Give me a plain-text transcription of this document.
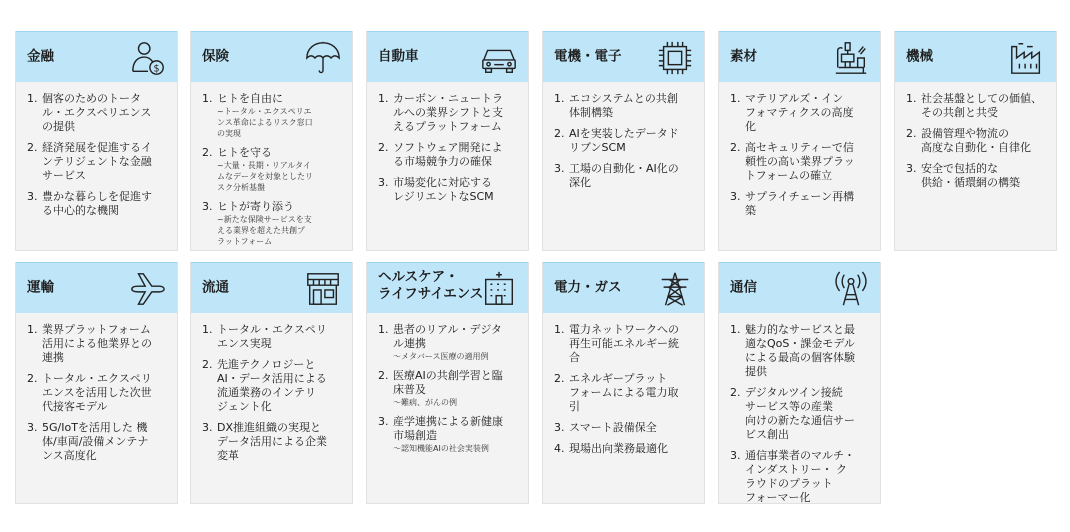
金融
$
1. 個客のためのトータ
ル・エクスペリエンス
の提供
2. 経済発展を促進するイ
ンテリジェントな金融
サービス
3. 豊かな暮らしを促進す
る中心的な機関
保険
1. ヒトを自由に
~トータル・エクスペリエ
ンス革命によるリスク窓口
の実現
2. ヒトを守る
~大量・長期・リアルタイ
ムなデータを対象としたリ
スク分析基盤
3. ヒトが寄り添う
~新たな保険サービスを支
える業界を超えた共創プ
ラットフォーム
自動車
1. カーボン・ニュートラ
ルへの業界シフトと支
えるプラットフォーム
2. ソフトウェア開発によ
る市場競争力の確保
3. 市場変化に対応する
レジリエントなSCM
電機・電子
1. エコシステムとの共創
体制構築
2. AIを実装したデータド
リブンSCM
3. 工場の自動化・AI化の
深化
素材
1. マテリアルズ・イン
フォマティクスの高度
化
2. 高セキュリティーで信
頼性の高い業界プラッ
トフォームの確立
3. サプライチェーン再構
築
機械
1. 社会基盤としての価値、
その共創と共受
2. 設備管理や物流の
高度な自動化・自律化
3. 安全で包括的な
供給・循環網の構築
運輸
1. 業界プラットフォーム
活用による他業界との
連携
2. トータル・エクスペリ
エンスを活用した次世
代接客モデル
3. 5G/IoTを活用した 機
体/車両/設備メンテナ
ンス高度化
流通
1. トータル・エクスペリ
エンス実現
2. 先進テクノロジーと
AI・データ活用による
流通業務のインテリ
ジェント化
3. DX推進組織の実現と
データ活用による企業
変革
ヘルスケア・
ライフサイエンス
1. 患者のリアル・デジタ
ル連携
～メタバース医療の適用例
2. 医療AIの共創学習と臨
床普及
～難病、がんの例
3. 産学連携による新健康
市場創造
～認知機能AIの社会実装例
電力・ガス
1. 電力ネットワークへの
再生可能エネルギー統
合
2. エネルギープラット
フォームによる電力取
引
3. スマート設備保全
4. 現場出向業務最適化
通信
1. 魅力的なサービスと最
適なQoS・課金モデル
による最高の個客体験
提供
2. デジタルツイン接続
サービス等の産業
向けの新たな通信サー
ビス創出
3. 通信事業者のマルチ・
インダストリー・ ク
ラウドのプラット
フォーマー化
